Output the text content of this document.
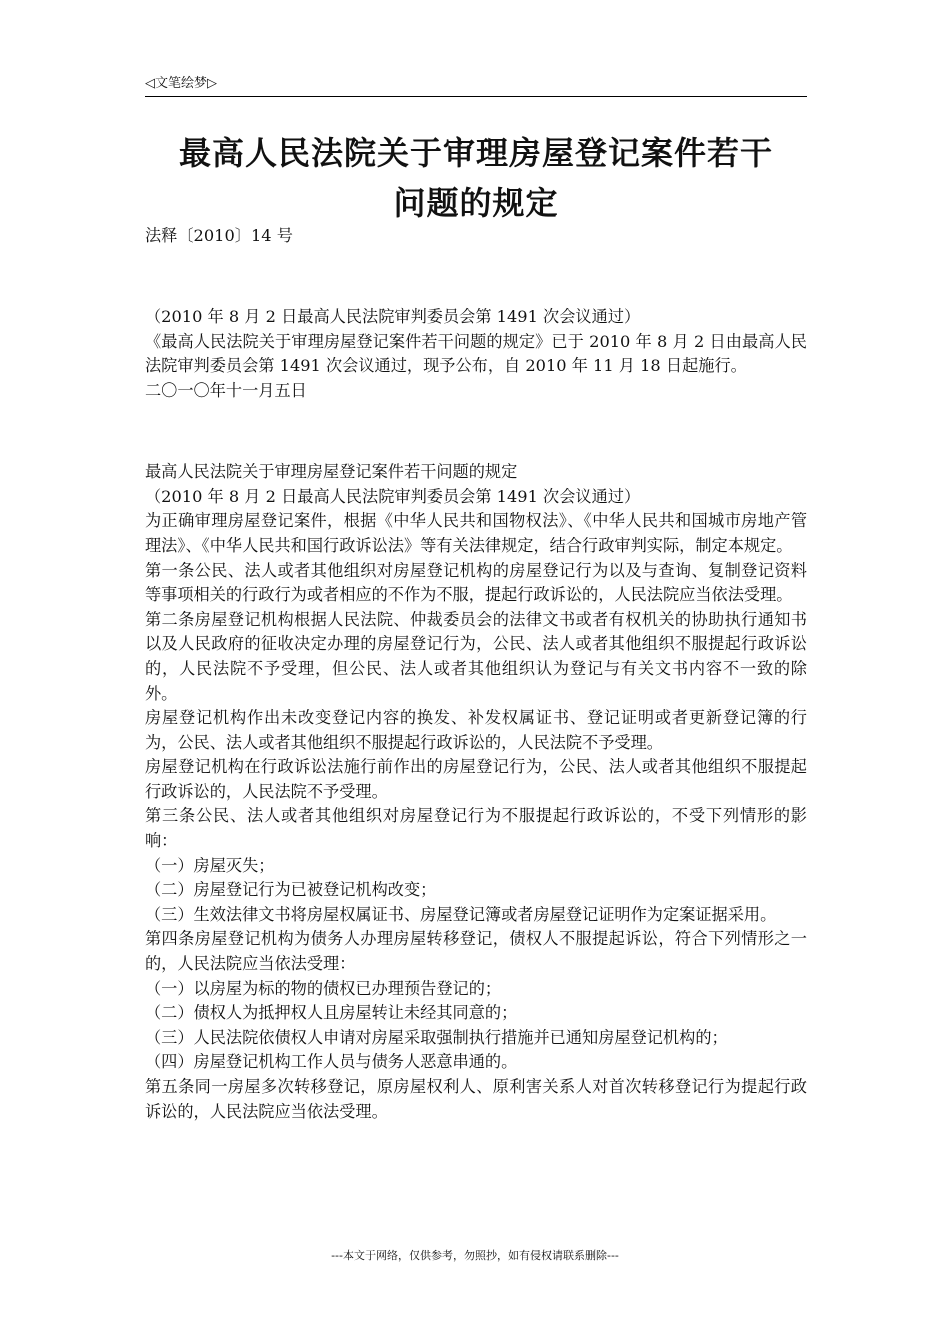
◁文笔绘梦▷
最高人民法院关于审理房屋登记案件若干
问题的规定

法释〔2010〕14 号

（2010 年 8 月 2 日最高人民法院审判委员会第 1491 次会议通过）

《最高人民法院关于审理房屋登记案件若干问题的规定》已于 2010 年 8 月 2 日由最高人民法院审判委员会第 1491 次会议通过，现予公布，自 2010 年 11 月 18 日起施行。

二〇一〇年十一月五日

最高人民法院关于审理房屋登记案件若干问题的规定

（2010 年 8 月 2 日最高人民法院审判委员会第 1491 次会议通过）

为正确审理房屋登记案件，根据《中华人民共和国物权法》、《中华人民共和国城市房地产管理法》、《中华人民共和国行政诉讼法》等有关法律规定，结合行政审判实际，制定本规定。

第一条公民、法人或者其他组织对房屋登记机构的房屋登记行为以及与查询、复制登记资料等事项相关的行政行为或者相应的不作为不服，提起行政诉讼的，人民法院应当依法受理。

第二条房屋登记机构根据人民法院、仲裁委员会的法律文书或者有权机关的协助执行通知书以及人民政府的征收决定办理的房屋登记行为，公民、法人或者其他组织不服提起行政诉讼的，人民法院不予受理，但公民、法人或者其他组织认为登记与有关文书内容不一致的除外。

房屋登记机构作出未改变登记内容的换发、补发权属证书、登记证明或者更新登记簿的行为，公民、法人或者其他组织不服提起行政诉讼的，人民法院不予受理。

房屋登记机构在行政诉讼法施行前作出的房屋登记行为，公民、法人或者其他组织不服提起行政诉讼的，人民法院不予受理。

第三条公民、法人或者其他组织对房屋登记行为不服提起行政诉讼的，不受下列情形的影响：

（一）房屋灭失；

（二）房屋登记行为已被登记机构改变；

（三）生效法律文书将房屋权属证书、房屋登记簿或者房屋登记证明作为定案证据采用。

第四条房屋登记机构为债务人办理房屋转移登记，债权人不服提起诉讼，符合下列情形之一的，人民法院应当依法受理：

（一）以房屋为标的物的债权已办理预告登记的；

（二）债权人为抵押权人且房屋转让未经其同意的；

（三）人民法院依债权人申请对房屋采取强制执行措施并已通知房屋登记机构的；

（四）房屋登记机构工作人员与债务人恶意串通的。

第五条同一房屋多次转移登记，原房屋权利人、原利害关系人对首次转移登记行为提起行政诉讼的，人民法院应当依法受理。

---本文于网络，仅供参考，勿照抄，如有侵权请联系删除---
